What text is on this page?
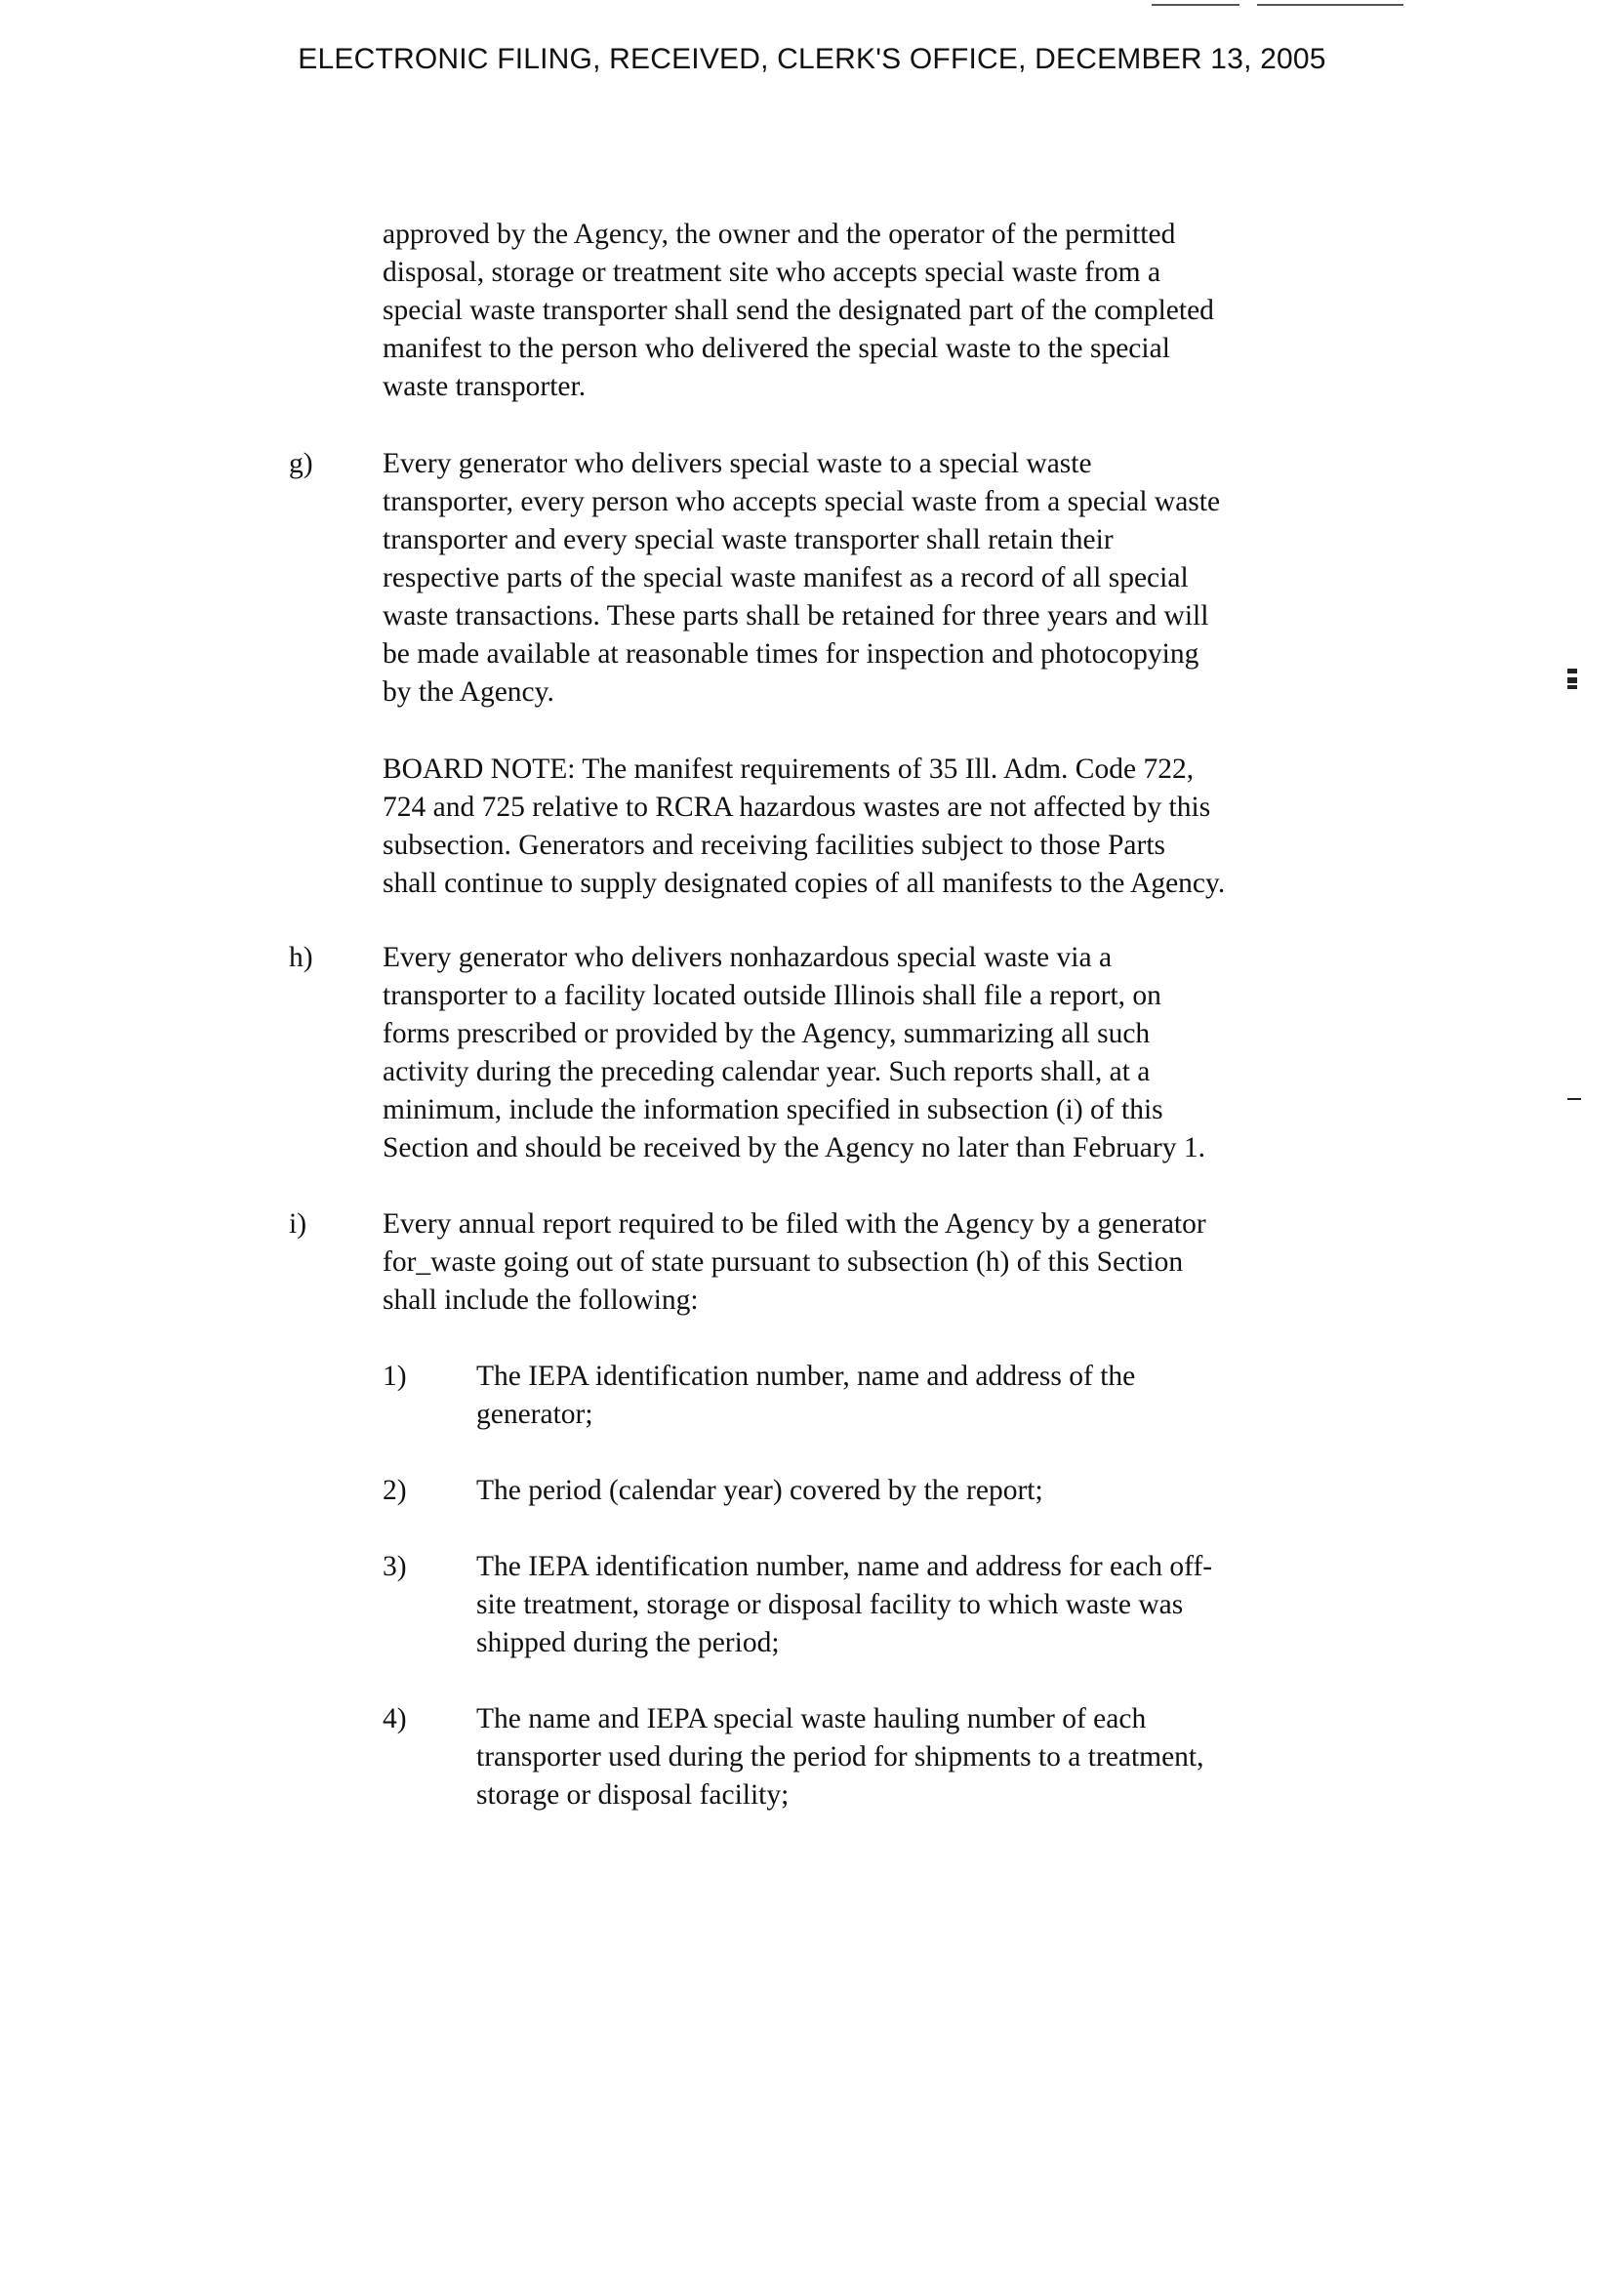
ELECTRONIC FILING, RECEIVED, CLERK'S OFFICE, DECEMBER 13, 2005
approved by the Agency, the owner and the operator of the permitted
disposal, storage or treatment site who accepts special waste from a
special waste transporter shall send the designated part of the completed
manifest to the person who delivered the special waste to the special
waste transporter.
g) Every generator who delivers special waste to a special waste
transporter, every person who accepts special waste from a special waste
transporter and every special waste transporter shall retain their
respective parts of the special waste manifest as a record of all special
waste transactions. These parts shall be retained for three years and will
be made available at reasonable times for inspection and photocopying
by the Agency.
BOARD NOTE: The manifest requirements of 35 Ill. Adm. Code 722,
724 and 725 relative to RCRA hazardous wastes are not affected by this
subsection. Generators and receiving facilities subject to those Parts
shall continue to supply designated copies of all manifests to the Agency.
h) Every generator who delivers nonhazardous special waste via a
transporter to a facility located outside Illinois shall file a report, on
forms prescribed or provided by the Agency, summarizing all such
activity during the preceding calendar year. Such reports shall, at a
minimum, include the information specified in subsection (i) of this
Section and should be received by the Agency no later than February 1.
i)	Every annual report required to be filed with the Agency by a generator
for_waste going out of state pursuant to subsection (h) of this Section
shall include the following:
1) The IEPA identification number, name and address of the
generator;
2) The period (calendar year) covered by the report;
3) The IEPA identification number, name and address for each off-
site treatment, storage or disposal facility to which waste was
shipped during the period;
4) The name and IEPA special waste hauling number of each
transporter used during the period for shipments to a treatment,
storage or disposal facility;
